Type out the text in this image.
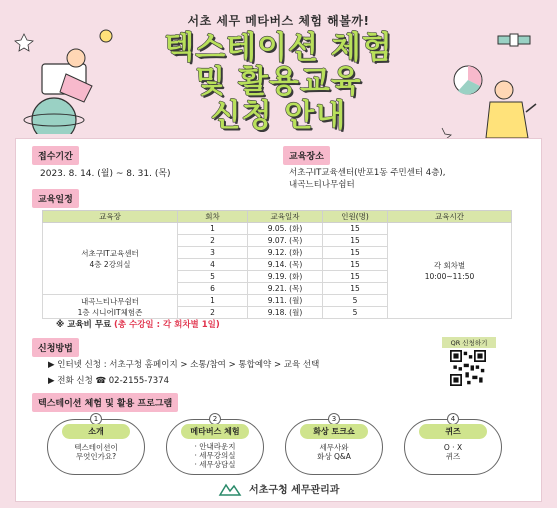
서초 세무 메타버스 체험 해볼까!
텍스테이션 체험
및 활용교육
신청 안내
접수기간
2023. 8. 14. (월) ~ 8. 31. (목)
교육장소
서초구IT교육센터(반포1동 주민센터 4층),
내곡느티나무쉼터
교육일정
교육장	회차	교육일자	인원(명)	교육시간
서초구IT교육센터
4층 2강의실	1	9.05. (화)	15	각 회차별
10:00~11:50
	2	9.07. (목)	15	
	3	9.12. (화)	15	
	4	9.14. (목)	15	
	5	9.19. (화)	15	
	6	9.21. (목)	15	
내곡느티나무쉼터
1층 시니어IT체험존	1	9.11. (월)	5	
	2	9.18. (월)	5	
※ 교육비 무료 (총 수강일 : 각 회차별 1일)
신청방법
▶ 인터넷 신청 : 서초구청 홈페이지 > 소통/참여 > 통합예약 > 교육 선택
▶ 전화 신청 ☎ 02-2155-7374
QR 신청하기
텍스테이션 체험 및 활용 프로그램
1
소개
텍스테이션이
무엇인가요?
2
메타버스 체험
· 안내라운지
· 세무강의실
· 세무상담실
3
화상 토크쇼
세무사와
화상 Q&A
4
퀴즈
O · X
퀴즈
서초구청 세무관리과
